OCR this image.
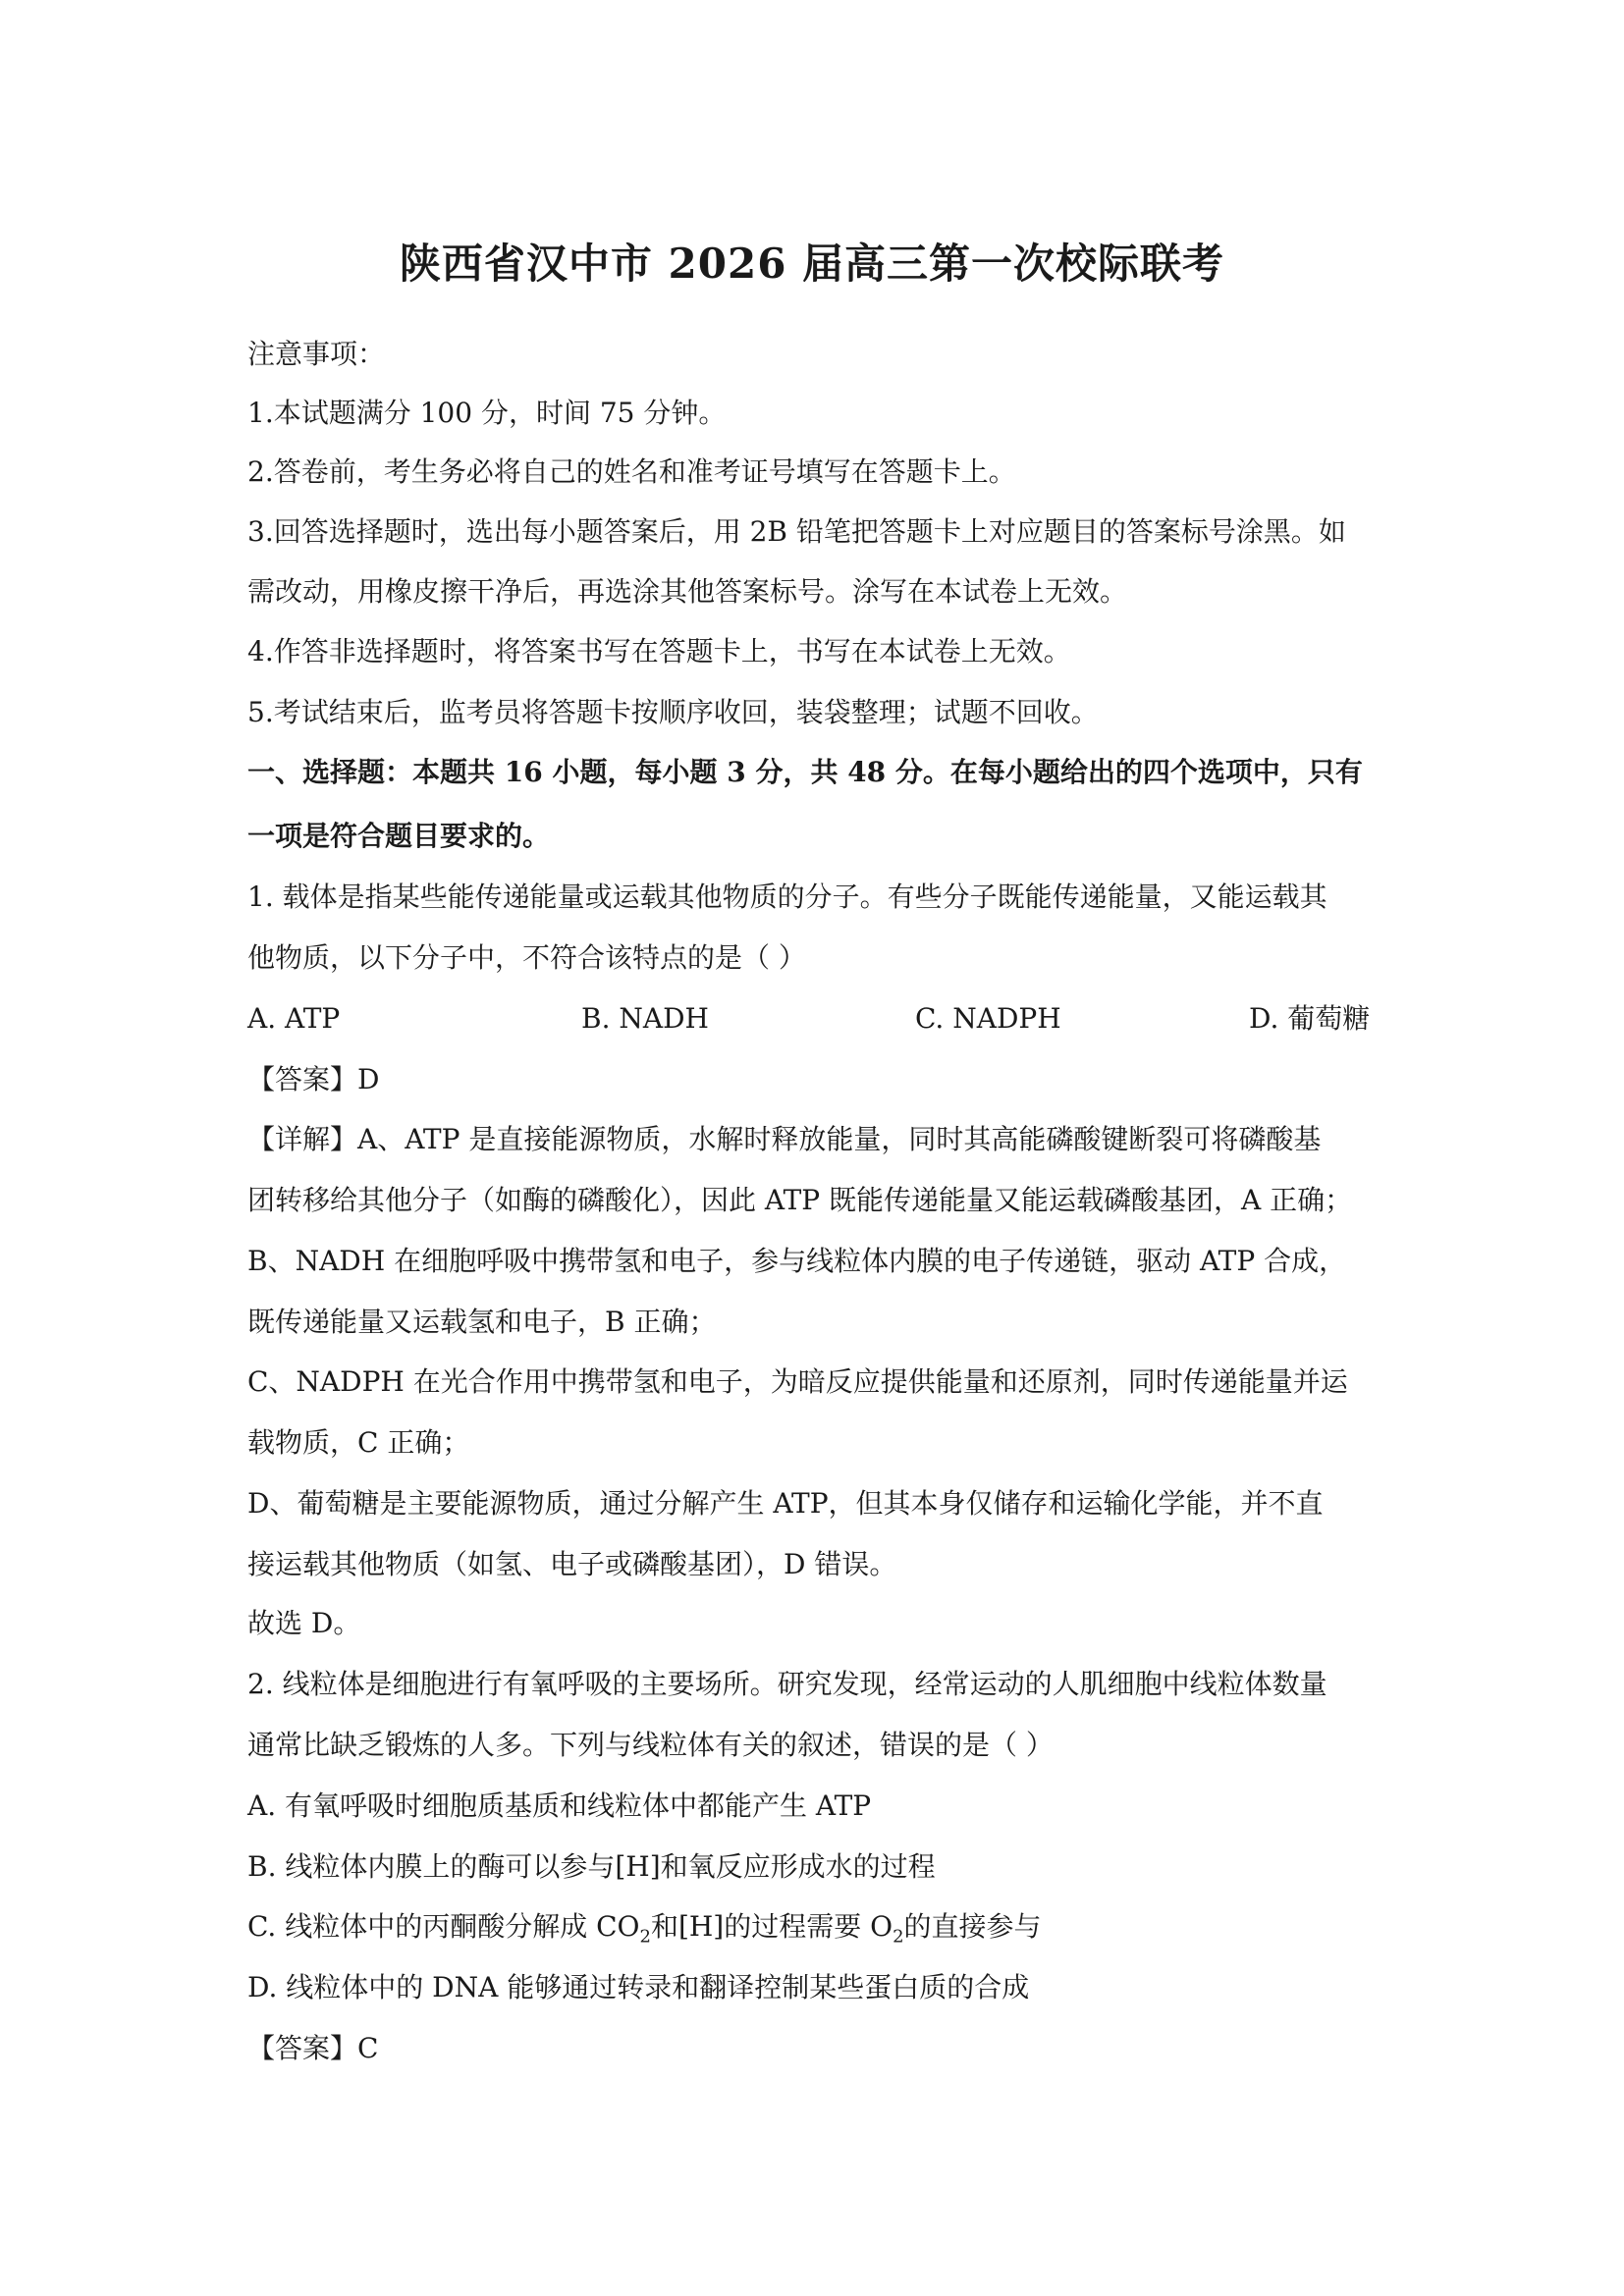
陕西省汉中市 2026 届高三第一次校际联考
注意事项：
1.本试题满分 100 分，时间 75 分钟。
2.答卷前，考生务必将自己的姓名和准考证号填写在答题卡上。
3.回答选择题时，选出每小题答案后，用 2B 铅笔把答题卡上对应题目的答案标号涂黑。如
需改动，用橡皮擦干净后，再选涂其他答案标号。涂写在本试卷上无效。
4.作答非选择题时，将答案书写在答题卡上，书写在本试卷上无效。
5.考试结束后，监考员将答题卡按顺序收回，装袋整理；试题不回收。
一、选择题：本题共 16 小题，每小题 3 分，共 48 分。在每小题给出的四个选项中，只有
一项是符合题目要求的。
1. 载体是指某些能传递能量或运载其他物质的分子。有些分子既能传递能量，又能运载其
他物质，以下分子中，不符合该特点的是（ ）
A. ATP	B. NADH	C. NADPH	D. 葡萄糖
【答案】D
【详解】A、ATP 是直接能源物质，水解时释放能量，同时其高能磷酸键断裂可将磷酸基
团转移给其他分子（如酶的磷酸化），因此 ATP 既能传递能量又能运载磷酸基团，A 正确；
B、NADH 在细胞呼吸中携带氢和电子，参与线粒体内膜的电子传递链，驱动 ATP 合成，
既传递能量又运载氢和电子，B 正确；
C、NADPH 在光合作用中携带氢和电子，为暗反应提供能量和还原剂，同时传递能量并运
载物质，C 正确；
D、葡萄糖是主要能源物质，通过分解产生 ATP，但其本身仅储存和运输化学能，并不直
接运载其他物质（如氢、电子或磷酸基团），D 错误。
故选 D。
2. 线粒体是细胞进行有氧呼吸的主要场所。研究发现，经常运动的人肌细胞中线粒体数量
通常比缺乏锻炼的人多。下列与线粒体有关的叙述，错误的是（ ）
A. 有氧呼吸时细胞质基质和线粒体中都能产生 ATP
B. 线粒体内膜上的酶可以参与[H]和氧反应形成水的过程
C. 线粒体中的丙酮酸分解成 $CO_2$和[H]的过程需要 $O_2$的直接参与
D. 线粒体中的 DNA 能够通过转录和翻译控制某些蛋白质的合成
【答案】C
